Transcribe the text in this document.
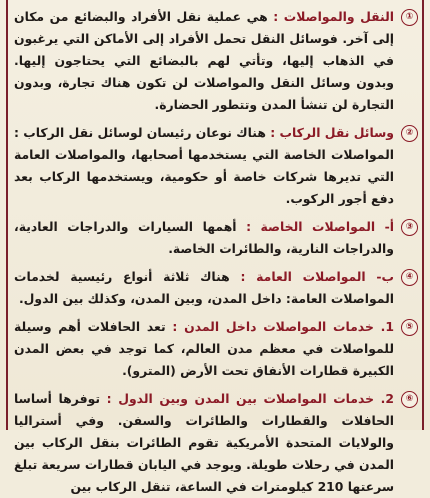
①
النقل والمواصلات : هي عملية نقل الأفراد والبضائع من مكان إلى آخر. فوسائل النقل تحمل الأفراد إلى الأماكن التي يرغبون في الذهاب إليها، وتأتي لهم بالبضائع التي يحتاجون إليها. وبدون وسائل النقل والمواصلات لن تكون هناك تجارة، وبدون التجارة لن تنشأ المدن وتتطور الحضارة.

②
وسائل نقل الركاب : هناك نوعان رئيسان لوسائل نقل الركاب : المواصلات الخاصة التي يستخدمها أصحابها، والمواصلات العامة التي تديرها شركات خاصة أو حكومية، ويستخدمها الركاب بعد دفع أجور الركوب.

③
أ- المواصلات الخاصة : أهمها السيارات والدراجات العادية، والدراجات النارية، والطائرات الخاصة.

④
ب- المواصلات العامة : هناك ثلاثة أنواع رئيسية لخدمات المواصلات العامة: داخل المدن، وبين المدن، وكذلك بين الدول.

⑤
1. خدمات المواصلات داخل المدن : تعد الحافلات أهم وسيلة للمواصلات في معظم مدن العالم، كما توجد في بعض المدن الكبيرة قطارات الأنفاق تحت الأرض (المترو).

⑥
2. خدمات المواصلات بين المدن وبين الدول : توفرها أساسا الحافلات والقطارات والطائرات والسفن. وفي أستراليا والولايات المتحدة الأمريكية تقوم الطائرات بنقل الركاب بين المدن في رحلات طويلة. ويوجد في اليابان قطارات سريعة تبلغ سرعتها 210 كيلومترات في الساعة، تنقل الركاب بين
